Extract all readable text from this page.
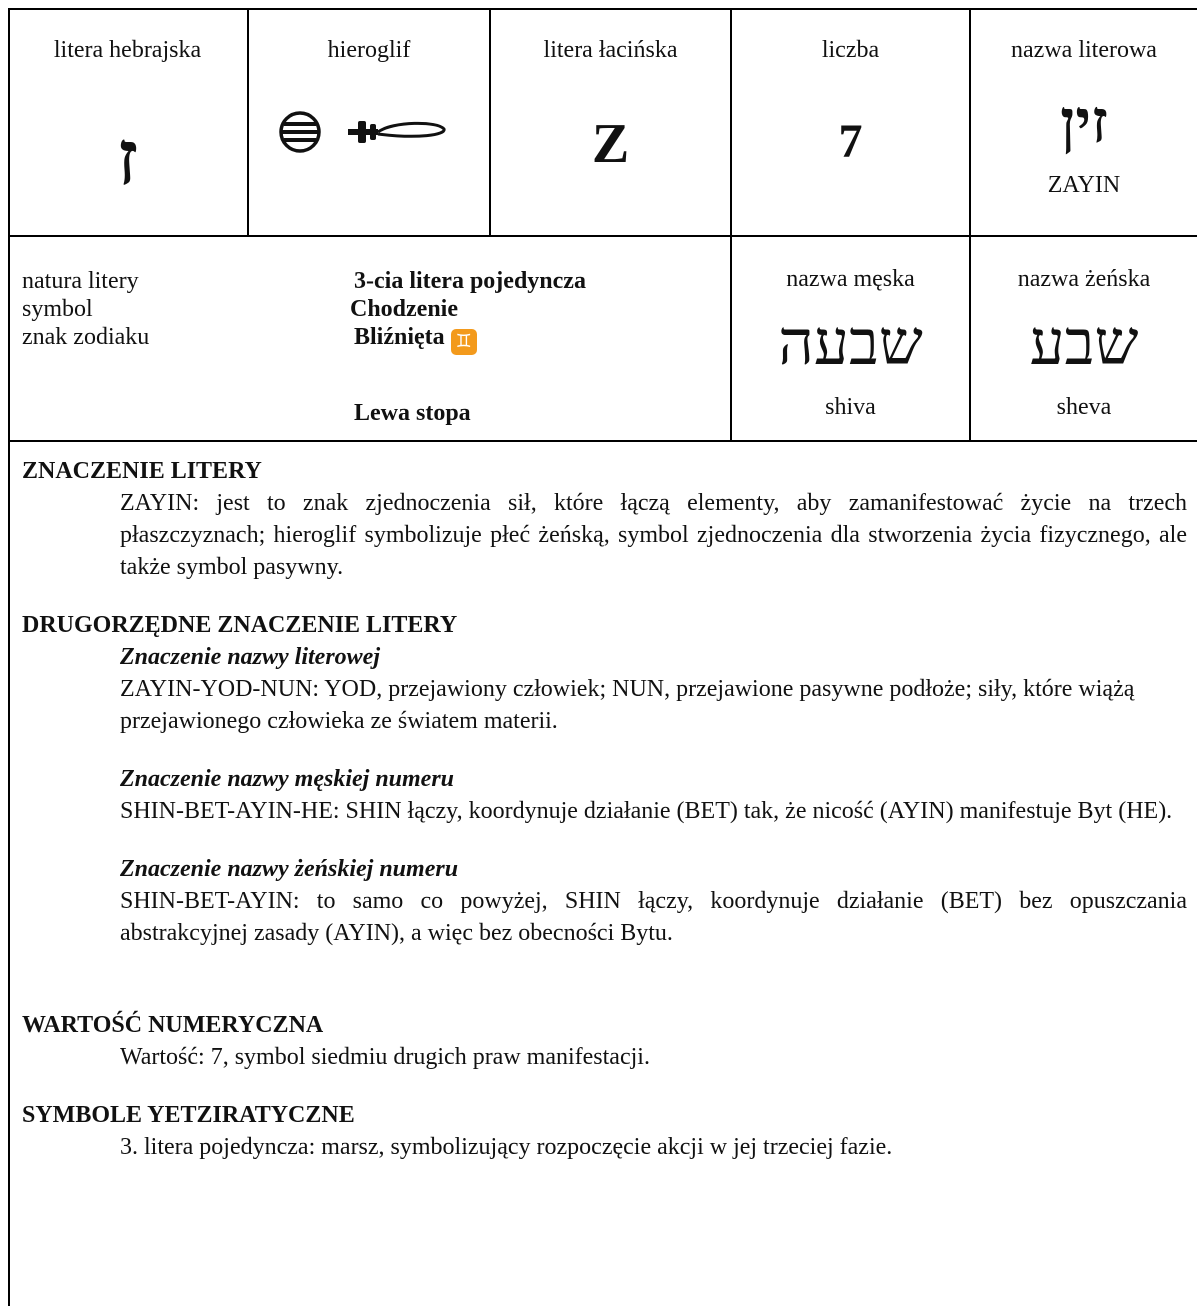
litera hebrajska
ז
hieroglif	litera łacińska
Z
liczba
7
nazwa literowa
זין
ZAYIN
natura litery
symbol
znak zodiaku
3-cia litera pojedyncza
Chodzenie
Bliźnięta ♊
Lewa stopa
nazwa męska
שבעה
shiva
nazwa żeńska
שבע
sheva

ZNACZENIE LITERY

ZAYIN: jest to znak zjednoczenia sił, które łączą elementy, aby zamanifestować życie na trzech płaszczyznach; hieroglif symbolizuje płeć żeńską, symbol zjednoczenia dla stworzenia życia fizycznego, ale także symbol pasywny.

DRUGORZĘDNE ZNACZENIE LITERY

Znaczenie nazwy literowej

ZAYIN-YOD-NUN: YOD, przejawiony człowiek; NUN, przejawione pasywne podłoże; siły, które wiążą przejawionego człowieka ze światem materii.

Znaczenie nazwy męskiej numeru

SHIN-BET-AYIN-HE: SHIN łączy, koordynuje działanie (BET) tak, że nicość (AYIN) manifestuje Byt (HE).

Znaczenie nazwy żeńskiej numeru

SHIN-BET-AYIN: to samo co powyżej, SHIN łączy, koordynuje działanie (BET) bez opuszczania abstrakcyjnej zasady (AYIN), a więc bez obecności Bytu.

WARTOŚĆ NUMERYCZNA

Wartość: 7, symbol siedmiu drugich praw manifestacji.

SYMBOLE YETZIRATYCZNE

3. litera pojedyncza: marsz, symbolizujący rozpoczęcie akcji w jej trzeciej fazie.
